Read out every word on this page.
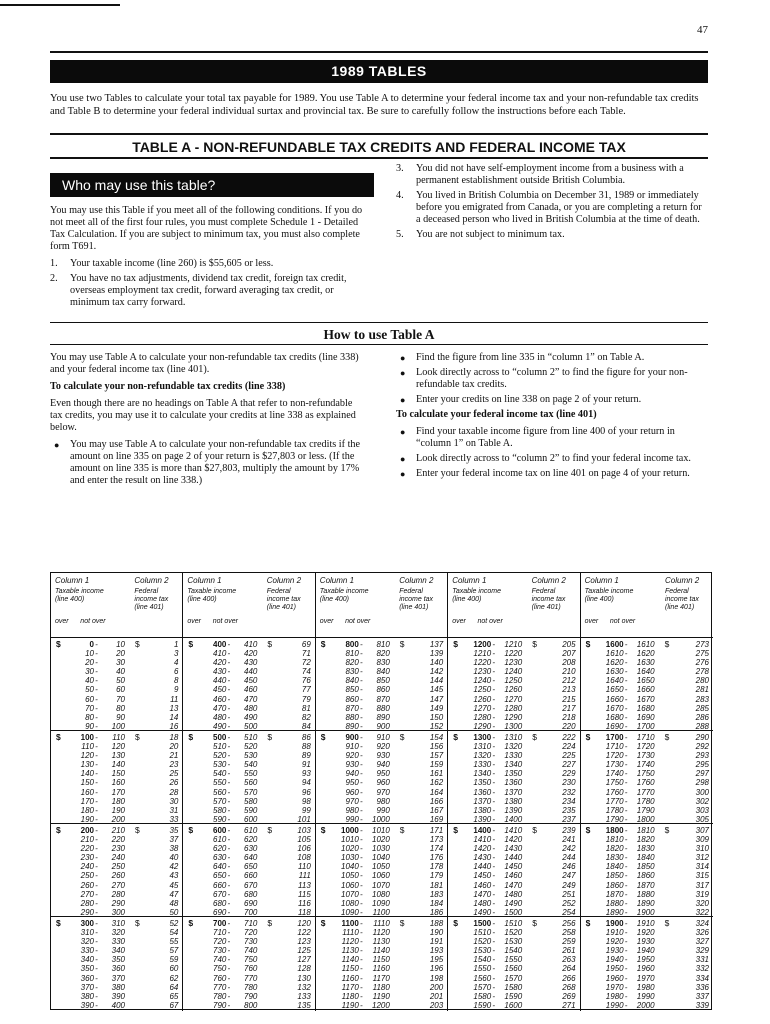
47
1989 TABLES
You use two Tables to calculate your total tax payable for 1989. You use Table A to determine your federal income tax and your non-refundable tax credits and Table B to determine your federal individual surtax and provincial tax. Be sure to carefully follow the instructions before each Table.
TABLE A - NON-REFUNDABLE TAX CREDITS AND FEDERAL INCOME TAX
Who may use this table?

You may use this Table if you meet all of the following conditions. If you do not meet all of the first four rules, you must complete Schedule 1 - Detailed Tax Calculation. If you are subject to minimum tax, you must also complete form T691.

1. Your taxable income (line 260) is $55,605 or less.
2. You have no tax adjustments, dividend tax credit, foreign tax credit, overseas employment tax credit, forward averaging tax credit, or minimum tax carry forward.
3. You did not have self-employment income from a business with a permanent establishment outside British Columbia.
4. You lived in British Columbia on December 31, 1989 or immediately before you emigrated from Canada, or you are completing a return for a deceased person who lived in British Columbia at the time of death.
5. You are not subject to minimum tax.
How to use Table A

You may use Table A to calculate your non-refundable tax credits (line 338) and your federal income tax (line 401).

To calculate your non-refundable tax credits (line 338)

Even though there are no headings on Table A that refer to non-refundable tax credits, you may use it to calculate your credits at line 338 as explained below.

● You may use Table A to calculate your non-refundable tax credits if the amount on line 335 on page 2 of your return is $27,803 or less. (If the amount on line 335 is more than $27,803, multiply the amount by 17% and enter the result on line 338.)
● Find the figure from line 335 in “column 1” on Table A.
● Look directly across to “column 2” to find the figure for your non-refundable tax credits.
● Enter your credits on line 338 on page 2 of your return.
To calculate your federal income tax (line 401)
● Find your taxable income figure from line 400 of your return in “column 1” on Table A.
● Look directly across to “column 2” to find your federal income tax.
● Enter your federal income tax on line 401 on page 4 of your return.
Column 1
Taxable income (line 400)
Column 2
Federal income tax (line 401)
over not over
$	$
0 -	10	1
10 -	20	3
20 -	30	4
30 -	40	6
40 -	50	8
50 -	60	9
60 -	70	11
70 -	80	13
80 -	90	14
90 -	100	16
$	$
100 -	110	18
110 -	120	20
120 -	130	21
130 -	140	23
140 -	150	25
150 -	160	26
160 -	170	28
170 -	180	30
180 -	190	31
190 -	200	33
$	$
200 -	210	35
210 -	220	37
220 -	230	38
230 -	240	40
240 -	250	42
250 -	260	43
260 -	270	45
270 -	280	47
280 -	290	48
290 -	300	50
$	$
300 -	310	52
310 -	320	54
320 -	330	55
330 -	340	57
340 -	350	59
350 -	360	60
360 -	370	62
370 -	380	64
380 -	390	65
390 -	400	67
Column 1
Taxable income (line 400)
Column 2
Federal income tax (line 401)
over not over
$	$
400 -	410	69
410 -	420	71
420 -	430	72
430 -	440	74
440 -	450	76
450 -	460	77
460 -	470	79
470 -	480	81
480 -	490	82
490 -	500	84
$	$
500 -	510	86
510 -	520	88
520 -	530	89
530 -	540	91
540 -	550	93
550 -	560	94
560 -	570	96
570 -	580	98
580 -	590	99
590 -	600	101
$	$
600 -	610	103
610 -	620	105
620 -	630	106
630 -	640	108
640 -	650	110
650 -	660	111
660 -	670	113
670 -	680	115
680 -	690	116
690 -	700	118
$	$
700 -	710	120
710 -	720	122
720 -	730	123
730 -	740	125
740 -	750	127
750 -	760	128
760 -	770	130
770 -	780	132
780 -	790	133
790 -	800	135
Column 1
Taxable income (line 400)
Column 2
Federal income tax (line 401)
over not over
$	$
800 -	810	137
810 -	820	139
820 -	830	140
830 -	840	142
840 -	850	144
850 -	860	145
860 -	870	147
870 -	880	149
880 -	890	150
890 -	900	152
$	$
900 -	910	154
910 -	920	156
920 -	930	157
930 -	940	159
940 -	950	161
950 -	960	162
960 -	970	164
970 -	980	166
980 -	990	167
990 -	1000	169
$	$
1000 -	1010	171
1010 -	1020	173
1020 -	1030	174
1030 -	1040	176
1040 -	1050	178
1050 -	1060	179
1060 -	1070	181
1070 -	1080	183
1080 -	1090	184
1090 -	1100	186
$	$
1100 -	1110	188
1110 -	1120	190
1120 -	1130	191
1130 -	1140	193
1140 -	1150	195
1150 -	1160	196
1160 -	1170	198
1170 -	1180	200
1180 -	1190	201
1190 -	1200	203
Column 1
Taxable income (line 400)
Column 2
Federal income tax (line 401)
over not over
$	$
1200 -	1210	205
1210 -	1220	207
1220 -	1230	208
1230 -	1240	210
1240 -	1250	212
1250 -	1260	213
1260 -	1270	215
1270 -	1280	217
1280 -	1290	218
1290 -	1300	220
$	$
1300 -	1310	222
1310 -	1320	224
1320 -	1330	225
1330 -	1340	227
1340 -	1350	229
1350 -	1360	230
1360 -	1370	232
1370 -	1380	234
1380 -	1390	235
1390 -	1400	237
$	$
1400 -	1410	239
1410 -	1420	241
1420 -	1430	242
1430 -	1440	244
1440 -	1450	246
1450 -	1460	247
1460 -	1470	249
1470 -	1480	251
1480 -	1490	252
1490 -	1500	254
$	$
1500 -	1510	256
1510 -	1520	258
1520 -	1530	259
1530 -	1540	261
1540 -	1550	263
1550 -	1560	264
1560 -	1570	266
1570 -	1580	268
1580 -	1590	269
1590 -	1600	271
Column 1
Taxable income (line 400)
Column 2
Federal income tax (line 401)
over not over
$	$
1600 -	1610	273
1610 -	1620	275
1620 -	1630	276
1630 -	1640	278
1640 -	1650	280
1650 -	1660	281
1660 -	1670	283
1670 -	1680	285
1680 -	1690	286
1690 -	1700	288
$	$
1700 -	1710	290
1710 -	1720	292
1720 -	1730	293
1730 -	1740	295
1740 -	1750	297
1750 -	1760	298
1760 -	1770	300
1770 -	1780	302
1780 -	1790	303
1790 -	1800	305
$	$
1800 -	1810	307
1810 -	1820	309
1820 -	1830	310
1830 -	1840	312
1840 -	1850	314
1850 -	1860	315
1860 -	1870	317
1870 -	1880	319
1880 -	1890	320
1890 -	1900	322
$	$
1900 -	1910	324
1910 -	1920	326
1920 -	1930	327
1930 -	1940	329
1940 -	1950	331
1950 -	1960	332
1960 -	1970	334
1970 -	1980	336
1980 -	1990	337
1990 -	2000	339
